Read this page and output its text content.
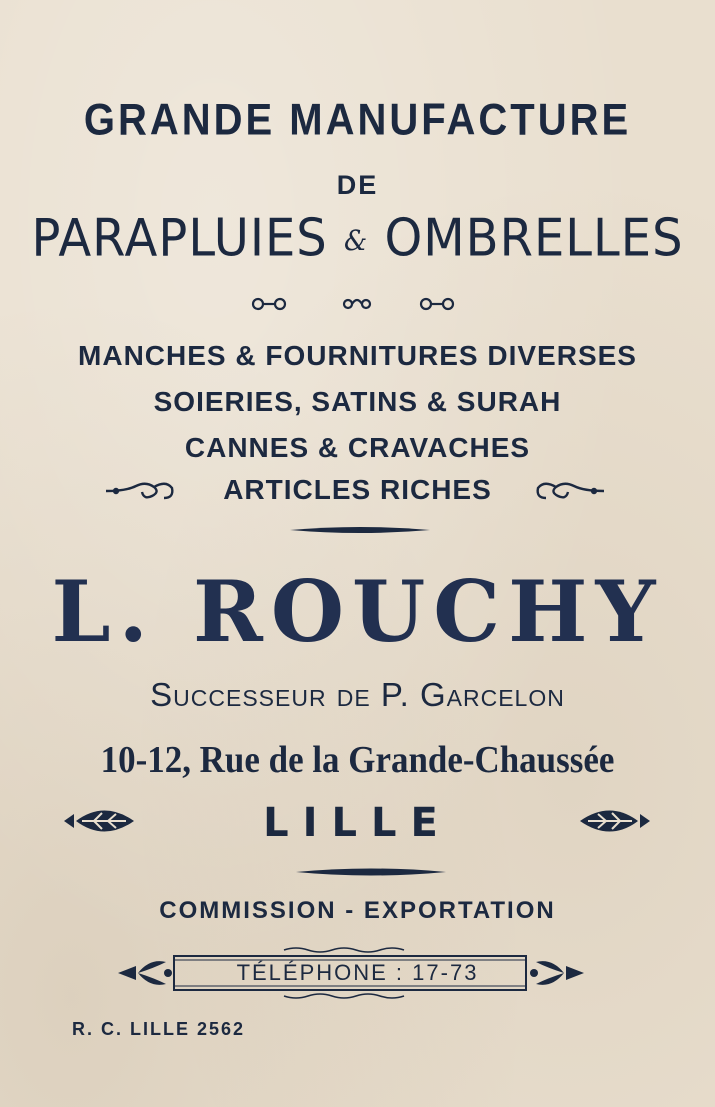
GRANDE MANUFACTURE
DE
PARAPLUIES & OMBRELLES
MANCHES & FOURNITURES DIVERSES
SOIERIES, SATINS & SURAH
CANNES & CRAVACHES
ARTICLES RICHES
L. ROUCHY
Successeur de P. Garcelon
10-12, Rue de la Grande-Chaussée
LILLE
COMMISSION - EXPORTATION
TÉLÉPHONE : 17-73
R. C. LILLE 2562
